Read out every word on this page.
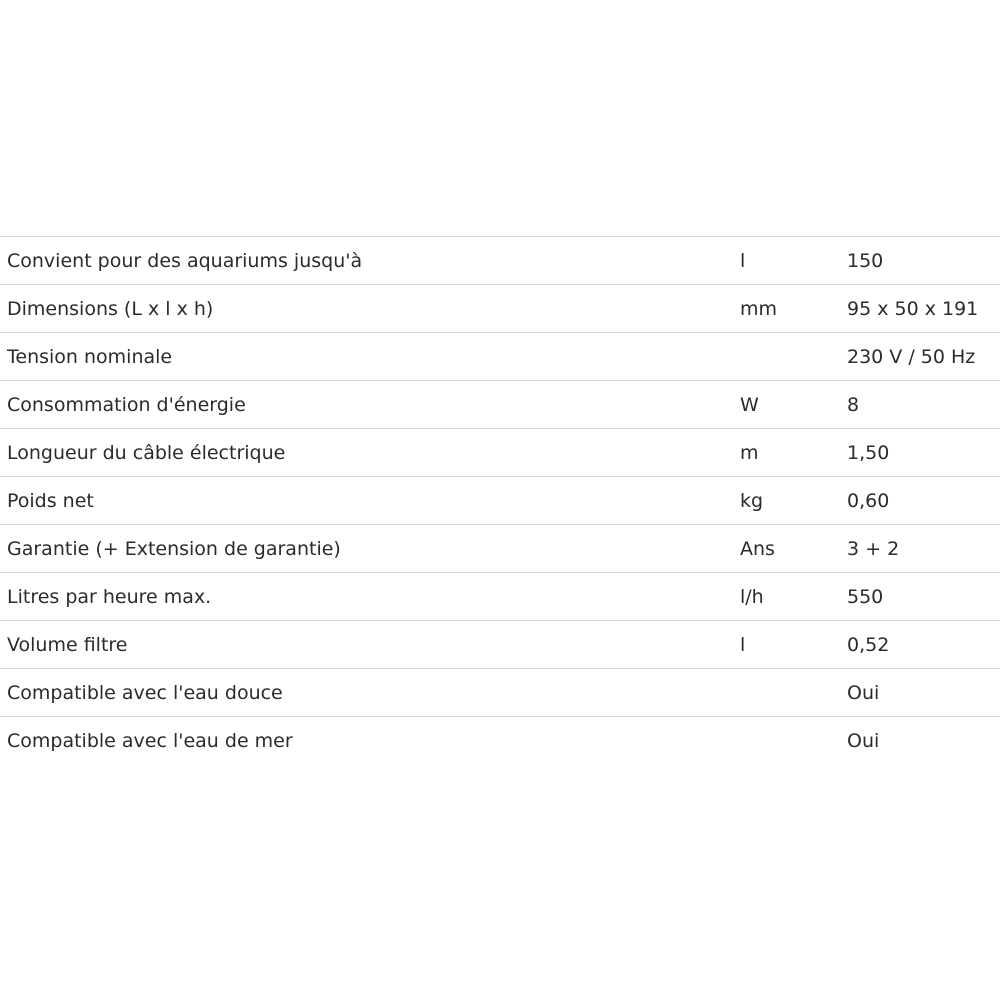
Convient pour des aquariums jusqu'à	l	150
Dimensions (L x l x h)	mm	95 x 50 x 191
Tension nominale		230 V / 50 Hz
Consommation d'énergie	W	8
Longueur du câble électrique	m	1,50
Poids net	kg	0,60
Garantie (+ Extension de garantie)	Ans	3 + 2
Litres par heure max.	l/h	550
Volume filtre	l	0,52
Compatible avec l'eau douce		Oui
Compatible avec l'eau de mer		Oui
